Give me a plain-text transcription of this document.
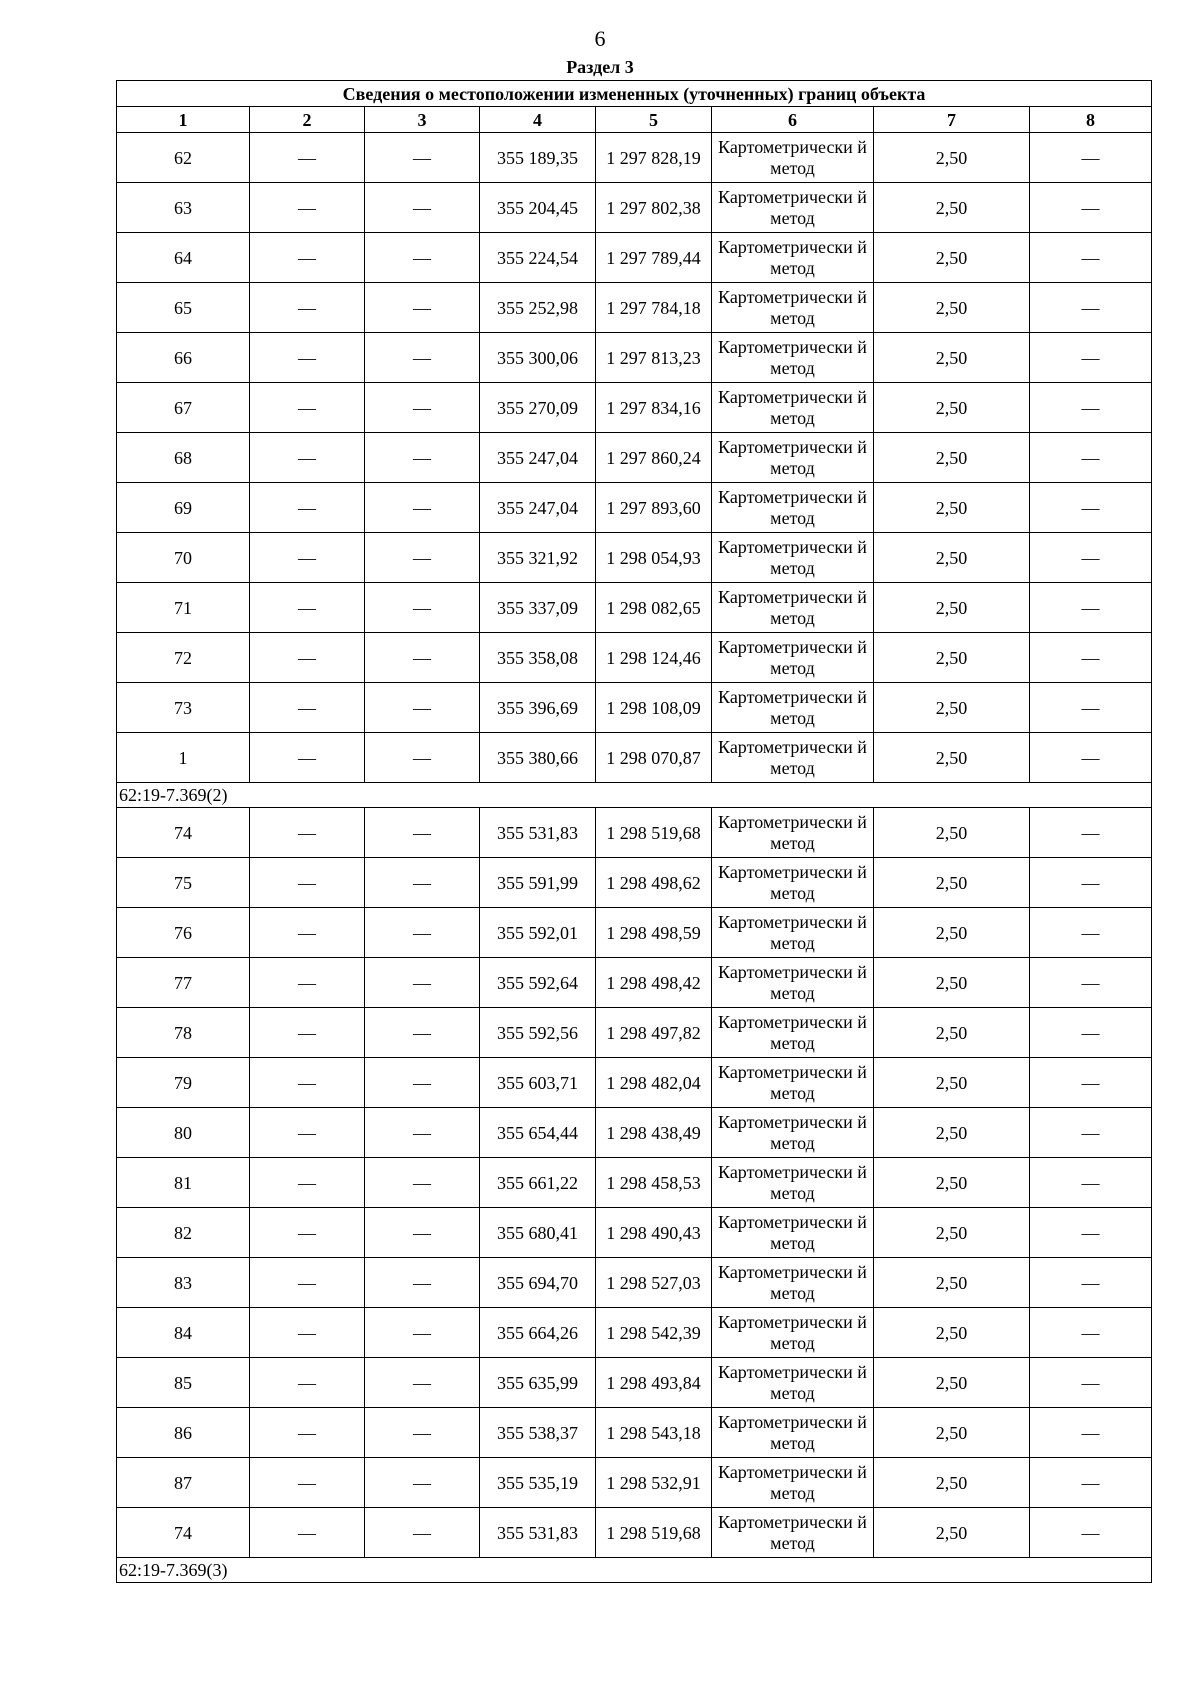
6
Раздел 3
Сведения о местоположении измененных (уточненных) границ объекта							
1	2	3	4	5	6	7	8
62	—	—	355 189,35	1 297 828,19	Картометрически й метод	2,50	—
63	—	—	355 204,45	1 297 802,38	Картометрически й метод	2,50	—
64	—	—	355 224,54	1 297 789,44	Картометрически й метод	2,50	—
65	—	—	355 252,98	1 297 784,18	Картометрически й метод	2,50	—
66	—	—	355 300,06	1 297 813,23	Картометрически й метод	2,50	—
67	—	—	355 270,09	1 297 834,16	Картометрически й метод	2,50	—
68	—	—	355 247,04	1 297 860,24	Картометрически й метод	2,50	—
69	—	—	355 247,04	1 297 893,60	Картометрически й метод	2,50	—
70	—	—	355 321,92	1 298 054,93	Картометрически й метод	2,50	—
71	—	—	355 337,09	1 298 082,65	Картометрически й метод	2,50	—
72	—	—	355 358,08	1 298 124,46	Картометрически й метод	2,50	—
73	—	—	355 396,69	1 298 108,09	Картометрически й метод	2,50	—
1	—	—	355 380,66	1 298 070,87	Картометрически й метод	2,50	—
62:19-7.369(2)							
74	—	—	355 531,83	1 298 519,68	Картометрически й метод	2,50	—
75	—	—	355 591,99	1 298 498,62	Картометрически й метод	2,50	—
76	—	—	355 592,01	1 298 498,59	Картометрически й метод	2,50	—
77	—	—	355 592,64	1 298 498,42	Картометрически й метод	2,50	—
78	—	—	355 592,56	1 298 497,82	Картометрически й метод	2,50	—
79	—	—	355 603,71	1 298 482,04	Картометрически й метод	2,50	—
80	—	—	355 654,44	1 298 438,49	Картометрически й метод	2,50	—
81	—	—	355 661,22	1 298 458,53	Картометрически й метод	2,50	—
82	—	—	355 680,41	1 298 490,43	Картометрически й метод	2,50	—
83	—	—	355 694,70	1 298 527,03	Картометрически й метод	2,50	—
84	—	—	355 664,26	1 298 542,39	Картометрически й метод	2,50	—
85	—	—	355 635,99	1 298 493,84	Картометрически й метод	2,50	—
86	—	—	355 538,37	1 298 543,18	Картометрически й метод	2,50	—
87	—	—	355 535,19	1 298 532,91	Картометрически й метод	2,50	—
74	—	—	355 531,83	1 298 519,68	Картометрически й метод	2,50	—
62:19-7.369(3)							
